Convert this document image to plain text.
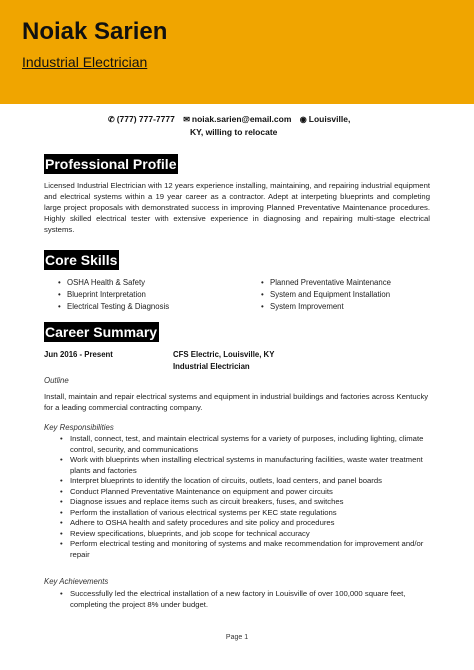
Noiak Sarien
Industrial Electrician
✆ (777) 777-7777 ✉ noiak.sarien@email.com ◉ Louisville,
KY, willing to relocate
Professional Profile

Licensed Industrial Electrician with 12 years experience installing, maintaining, and repairing industrial equipment and electrical systems within a 19 year career as a contractor. Adept at interpeting blueprints and completing large project proposals with demonstrated success in improving Planned Preventative Maintenance procedures. Highly skilled electrical tester with extensive experience in diagnosing and repairing multi-stage electrical systems.

Core Skills
• OSHA Health & Safety
• Blueprint Interpretation
• Electrical Testing & Diagnosis
• Planned Preventative Maintenance
• System and Equipment Installation
• System Improvement
Career Summary
Jun 2016 - Present	CFS Electric, Louisville, KY
Industrial Electrician
Outline

Install, maintain and repair electrical systems and equipment in industrial buildings and factories across Kentucky for a leading commercial contracting company.

Key Responsibilities
• Install, connect, test, and maintain electrical systems for a variety of purposes, including lighting, climate control, security, and communications
• Work with blueprints when installing electrical systems in manufacturing facilities, waste water treatment plants and factories
• Interpret blueprints to identify the location of circuits, outlets, load centers, and panel boards
• Conduct Planned Preventative Maintenance on equipment and power circuits
• Diagnose issues and replace items such as circuit breakers, fuses, and switches
• Perform the installation of various electrical systems per KEC state regulations
• Adhere to OSHA health and safety procedures and site policy and procedures
• Review specifications, blueprints, and job scope for technical accuracy
• Perform electrical testing and monitoring of systems and make recommendation for improvement and/or repair
Key Achievements
• Successfully led the electrical installation of a new factory in Louisville of over 100,000 square feet, completing the project 8% under budget.
Page 1
